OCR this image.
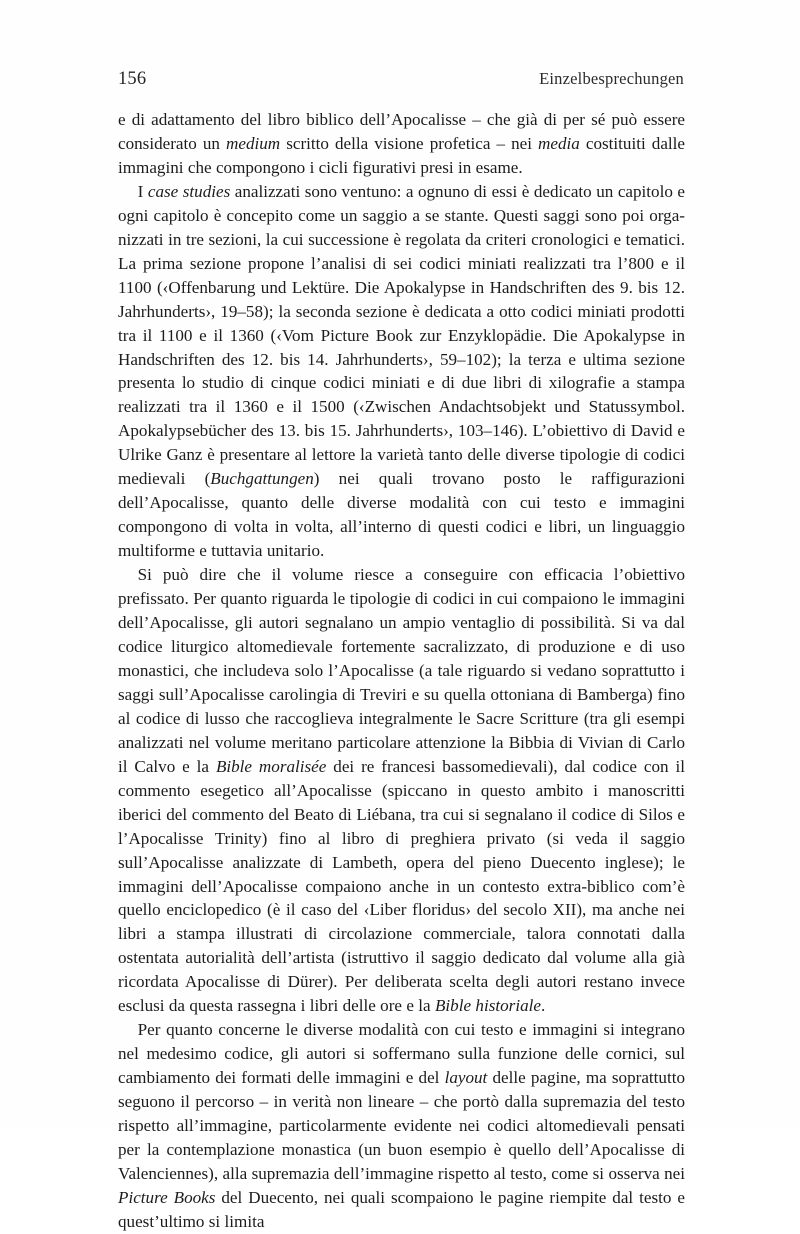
156	Einzelbesprechungen

e di adattamento del libro biblico dell’Apocalisse – che già di per sé può essere considerato un medium scritto della visione profetica – nei media costituiti dalle immagini che compongono i cicli figurativi presi in esame.

I case studies analizzati sono ventuno: a ognuno di essi è dedicato un capitolo e ogni capitolo è concepito come un saggio a se stante. Questi saggi sono poi organizzati in tre sezioni, la cui successione è regolata da criteri cronologici e tematici. La prima sezione propone l’analisi di sei codici miniati realizzati tra l’800 e il 1100 (‹Offenbarung und Lektüre. Die Apokalypse in Handschriften des 9. bis 12. Jahrhunderts›, 19–58); la seconda sezione è dedicata a otto codici miniati prodotti tra il 1100 e il 1360 (‹Vom Picture Book zur Enzyklopädie. Die Apokalypse in Handschriften des 12. bis 14. Jahrhunderts›, 59–102); la terza e ultima sezione presenta lo studio di cinque codici miniati e di due libri di xilografie a stampa realizzati tra il 1360 e il 1500 (‹Zwischen Andachtsobjekt und Statussymbol. Apokalypsebücher des 13. bis 15. Jahrhunderts›, 103–146). L’obiettivo di David e Ulrike Ganz è presentare al lettore la varietà tanto delle diverse tipologie di codici medievali (Buchgattungen) nei quali trovano posto le raffigurazioni dell’Apocalisse, quanto delle diverse modalità con cui testo e immagini compongono di volta in volta, all’interno di questi codici e libri, un linguaggio multiforme e tuttavia unitario.

Si può dire che il volume riesce a conseguire con efficacia l’obiettivo prefissato. Per quanto riguarda le tipologie di codici in cui compaiono le immagini dell’Apocalisse, gli autori segnalano un ampio ventaglio di possibilità. Si va dal codice liturgico altomedievale fortemente sacralizzato, di produzione e di uso monastici, che includeva solo l’Apocalisse (a tale riguardo si vedano soprattutto i saggi sull’Apocalisse carolingia di Treviri e su quella ottoniana di Bamberga) fino al codice di lusso che raccoglieva integralmente le Sacre Scritture (tra gli esempi analizzati nel volume meritano particolare attenzione la Bibbia di Vivian di Carlo il Calvo e la Bible moralisée dei re francesi bassomedievali), dal codice con il commento esegetico all’Apocalisse (spiccano in questo ambito i manoscritti iberici del commento del Beato di Liébana, tra cui si segnalano il codice di Silos e l’Apocalisse Trinity) fino al libro di preghiera privato (si veda il saggio sull’Apocalisse analizzate di Lambeth, opera del pieno Duecento inglese); le immagini dell’Apocalisse compaiono anche in un contesto extra-biblico com’è quello enciclopedico (è il caso del ‹Liber floridus› del secolo XII), ma anche nei libri a stampa illustrati di circolazione commerciale, talora connotati dalla ostentata autorialità dell’artista (istruttivo il saggio dedicato dal volume alla già ricordata Apocalisse di Dürer). Per deliberata scelta degli autori restano invece esclusi da questa rassegna i libri delle ore e la Bible historiale.

Per quanto concerne le diverse modalità con cui testo e immagini si integrano nel medesimo codice, gli autori si soffermano sulla funzione delle cornici, sul cambiamento dei formati delle immagini e del layout delle pagine, ma soprattutto seguono il percorso – in verità non lineare – che portò dalla supremazia del testo rispetto all’immagine, particolarmente evidente nei codici altomedievali pensati per la contemplazione monastica (un buon esempio è quello dell’Apocalisse di Valenciennes), alla supremazia dell’immagine rispetto al testo, come si osserva nei Picture Books del Duecento, nei quali scompaiono le pagine riempite dal testo e quest’ultimo si limita
